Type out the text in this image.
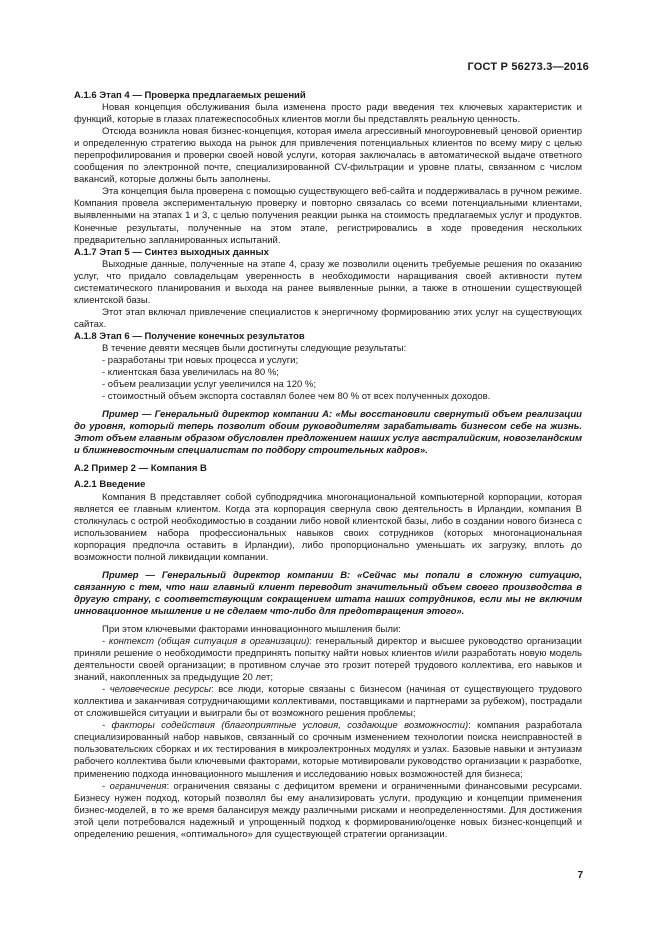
ГОСТ Р 56273.3—2016

А.1.6 Этап 4 — Проверка предлагаемых решений

Новая концепция обслуживания была изменена просто ради введения тех ключевых характеристик и функций, которые в глазах платежеспособных клиентов могли бы представлять реальную ценность.

Отсюда возникла новая бизнес-концепция, которая имела агрессивный многоуровневый ценовой ориентир и определенную стратегию выхода на рынок для привлечения потенциальных клиентов по всему миру с целью перепрофилирования и проверки своей новой услуги, которая заключалась в автоматической выдаче ответного сообщения по электронной почте, специализированной CV-фильтрации и уровне платы, связанном с числом вакансий, которые должны быть заполнены.

Эта концепция была проверена с помощью существующего веб-сайта и поддерживалась в ручном режиме. Компания провела экспериментальную проверку и повторно связалась со всеми потенциальными клиентами, выявленными на этапах 1 и 3, с целью получения реакции рынка на стоимость предлагаемых услуг и продуктов. Конечные результаты, полученные на этом этапе, регистрировались в ходе проведения нескольких предварительно запланированных испытаний.

А.1.7 Этап 5 — Синтез выходных данных

Выходные данные, полученные на этапе 4, сразу же позволили оценить требуемые решения по оказанию услуг, что придало совладельцам уверенность в необходимости наращивания своей активности путем систематического планирования и выхода на ранее выявленные рынки, а также в отношении существующей клиентской базы.

Этот этап включал привлечение специалистов к энергичному формированию этих услуг на существующих сайтах.

А.1.8 Этап 6 — Получение конечных результатов

В течение девяти месяцев были достигнуты следующие результаты:

- разработаны три новых процесса и услуги;
- клиентская база увеличилась на 80 %;
- объем реализации услуг увеличился на 120 %;
- стоимостный объем экспорта составлял более чем 80 % от всех полученных доходов.

Пример — Генеральный директор компании А: «Мы восстановили свернутый объем реализации до уровня, который теперь позволит обоим руководителям зарабатывать бизнесом себе на жизнь. Этот объем главным образом обусловлен предложением наших услуг австралийским, новозеландским и ближневосточным специалистам по подбору строительных кадров».

А.2 Пример 2 — Компания B

А.2.1 Введение

Компания B представляет собой субподрядчика многонациональной компьютерной корпорации, которая является ее главным клиентом. Когда эта корпорация свернула свою деятельность в Ирландии, компания B столкнулась с острой необходимостью в создании либо новой клиентской базы, либо в создании нового бизнеса с использованием набора профессиональных навыков своих сотрудников (которых многонациональная корпорация предпочла оставить в Ирландии), либо пропорционально уменьшать их загрузку, вплоть до возможности полной ликвидации компании.

Пример — Генеральный директор компании B: «Сейчас мы попали в сложную ситуацию, связанную с тем, что наш главный клиент переводит значительный объем своего производства в другую страну, с соответствующим сокращением штата наших сотрудников, если мы не включим инновационное мышление и не сделаем что-либо для предотвращения этого».

При этом ключевыми факторами инновационного мышления были:

- контекст (общая ситуация в организации): генеральный директор и высшее руководство организации приняли решение о необходимости предпринять попытку найти новых клиентов и/или разработать новую модель деятельности своей организации; в противном случае это грозит потерей трудового коллектива, его навыков и знаний, накопленных за предыдущие 20 лет;
- человеческие ресурсы: все люди, которые связаны с бизнесом (начиная от существующего трудового коллектива и заканчивая сотрудничающими коллективами, поставщиками и партнерами за рубежом), пострадали от сложившейся ситуации и выиграли бы от возможного решения проблемы;
- факторы содействия (благоприятные условия, создающие возможности): компания разработала специализированный набор навыков, связанный со срочным изменением технологии поиска неисправностей в пользовательских сборках и их тестирования в микроэлектронных модулях и узлах. Базовые навыки и энтузиазм рабочего коллектива были ключевыми факторами, которые мотивировали руководство организации к разработке, применению подхода инновационного мышления и исследованию новых возможностей для бизнеса;
- ограничения: ограничения связаны с дефицитом времени и ограниченными финансовыми ресурсами. Бизнесу нужен подход, который позволял бы ему анализировать услуги, продукцию и концепции применения бизнес-моделей, в то же время балансируя между различными рисками и неопределенностями. Для достижения этой цели потребовался надежный и упрощенный подход к формированию/оценке новых бизнес-концепций и определению решения, «оптимального» для существующей стратегии организации.
7
